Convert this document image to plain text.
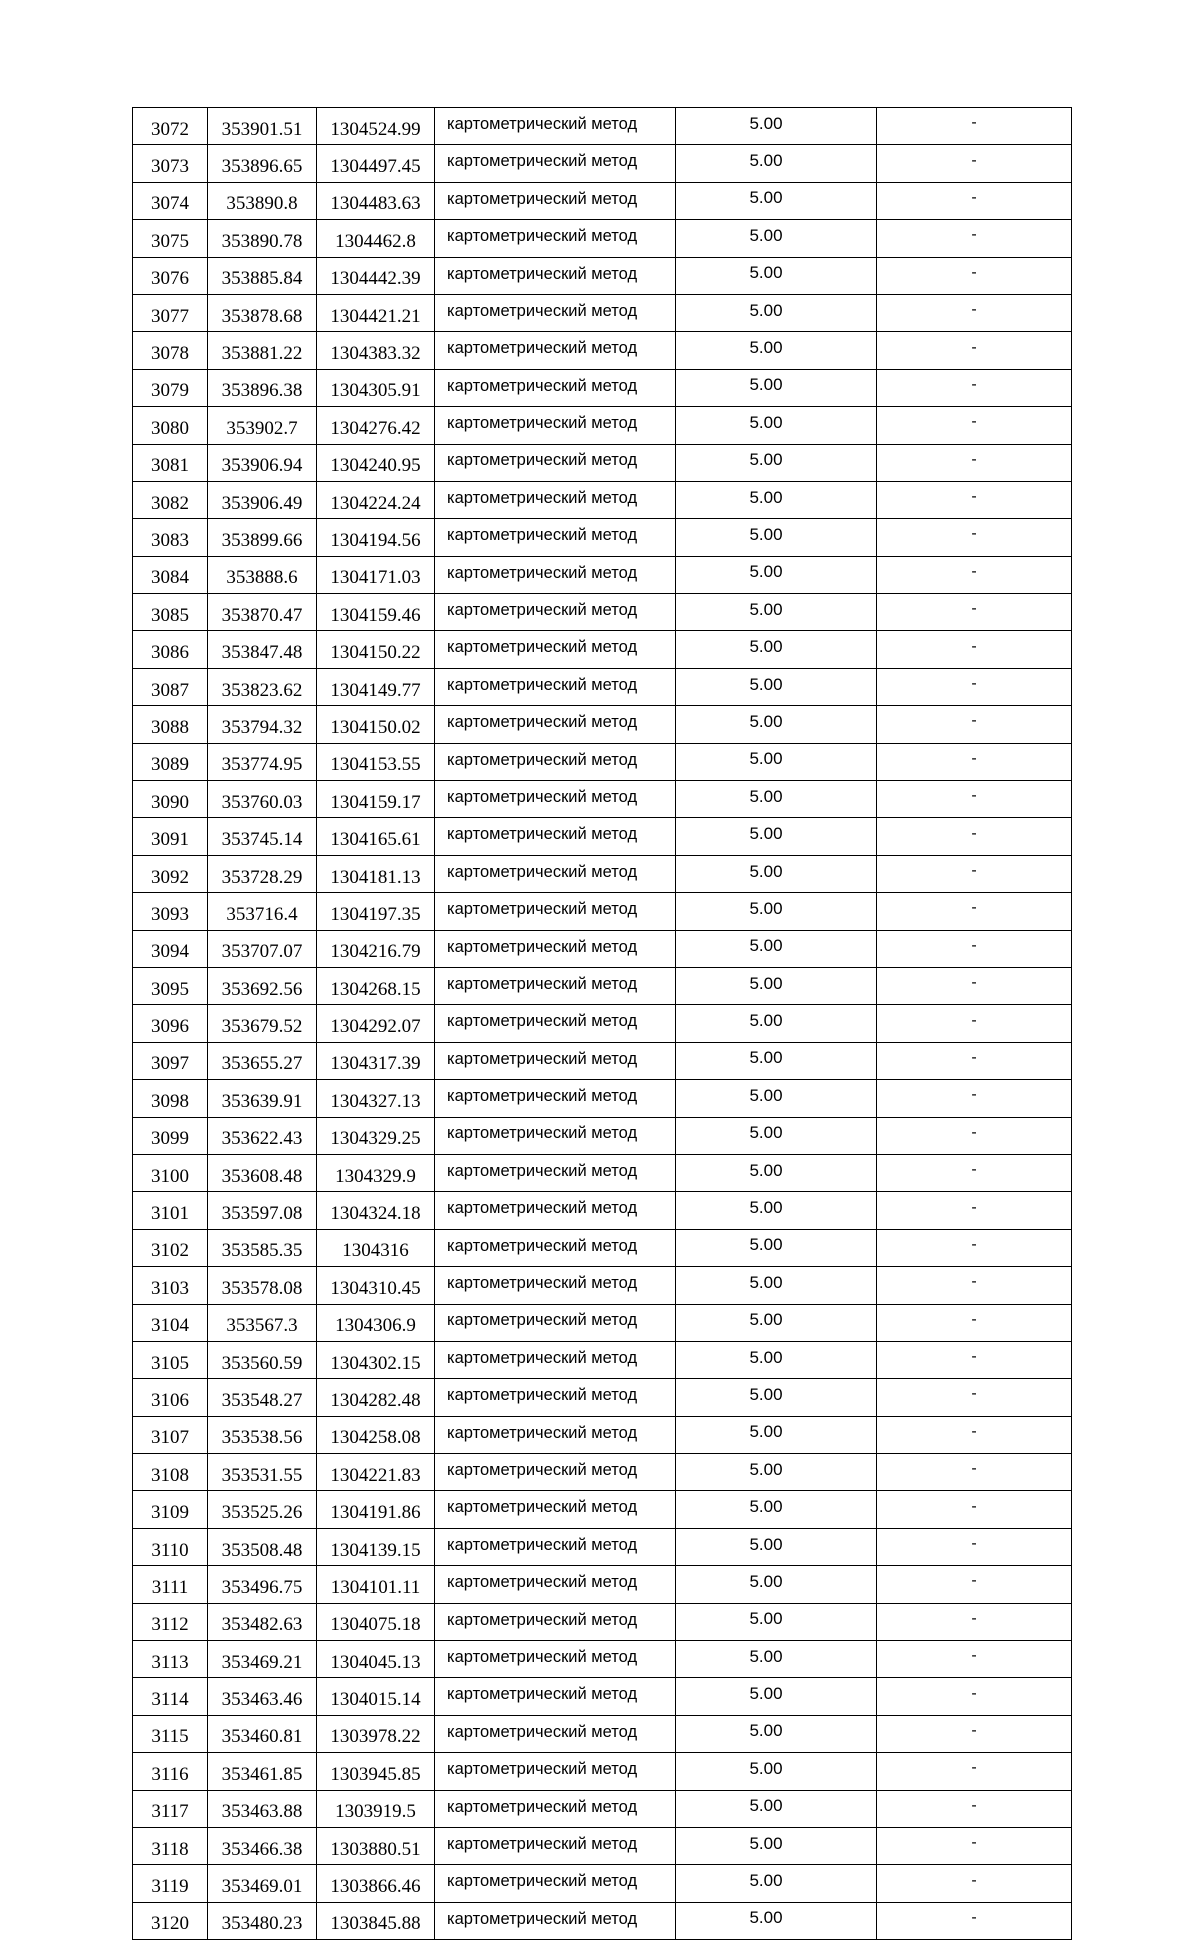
3072	353901.51	1304524.99	картометрический метод	5.00	-
3073	353896.65	1304497.45	картометрический метод	5.00	-
3074	353890.8	1304483.63	картометрический метод	5.00	-
3075	353890.78	1304462.8	картометрический метод	5.00	-
3076	353885.84	1304442.39	картометрический метод	5.00	-
3077	353878.68	1304421.21	картометрический метод	5.00	-
3078	353881.22	1304383.32	картометрический метод	5.00	-
3079	353896.38	1304305.91	картометрический метод	5.00	-
3080	353902.7	1304276.42	картометрический метод	5.00	-
3081	353906.94	1304240.95	картометрический метод	5.00	-
3082	353906.49	1304224.24	картометрический метод	5.00	-
3083	353899.66	1304194.56	картометрический метод	5.00	-
3084	353888.6	1304171.03	картометрический метод	5.00	-
3085	353870.47	1304159.46	картометрический метод	5.00	-
3086	353847.48	1304150.22	картометрический метод	5.00	-
3087	353823.62	1304149.77	картометрический метод	5.00	-
3088	353794.32	1304150.02	картометрический метод	5.00	-
3089	353774.95	1304153.55	картометрический метод	5.00	-
3090	353760.03	1304159.17	картометрический метод	5.00	-
3091	353745.14	1304165.61	картометрический метод	5.00	-
3092	353728.29	1304181.13	картометрический метод	5.00	-
3093	353716.4	1304197.35	картометрический метод	5.00	-
3094	353707.07	1304216.79	картометрический метод	5.00	-
3095	353692.56	1304268.15	картометрический метод	5.00	-
3096	353679.52	1304292.07	картометрический метод	5.00	-
3097	353655.27	1304317.39	картометрический метод	5.00	-
3098	353639.91	1304327.13	картометрический метод	5.00	-
3099	353622.43	1304329.25	картометрический метод	5.00	-
3100	353608.48	1304329.9	картометрический метод	5.00	-
3101	353597.08	1304324.18	картометрический метод	5.00	-
3102	353585.35	1304316	картометрический метод	5.00	-
3103	353578.08	1304310.45	картометрический метод	5.00	-
3104	353567.3	1304306.9	картометрический метод	5.00	-
3105	353560.59	1304302.15	картометрический метод	5.00	-
3106	353548.27	1304282.48	картометрический метод	5.00	-
3107	353538.56	1304258.08	картометрический метод	5.00	-
3108	353531.55	1304221.83	картометрический метод	5.00	-
3109	353525.26	1304191.86	картометрический метод	5.00	-
3110	353508.48	1304139.15	картометрический метод	5.00	-
3111	353496.75	1304101.11	картометрический метод	5.00	-
3112	353482.63	1304075.18	картометрический метод	5.00	-
3113	353469.21	1304045.13	картометрический метод	5.00	-
3114	353463.46	1304015.14	картометрический метод	5.00	-
3115	353460.81	1303978.22	картометрический метод	5.00	-
3116	353461.85	1303945.85	картометрический метод	5.00	-
3117	353463.88	1303919.5	картометрический метод	5.00	-
3118	353466.38	1303880.51	картометрический метод	5.00	-
3119	353469.01	1303866.46	картометрический метод	5.00	-
3120	353480.23	1303845.88	картометрический метод	5.00	-
